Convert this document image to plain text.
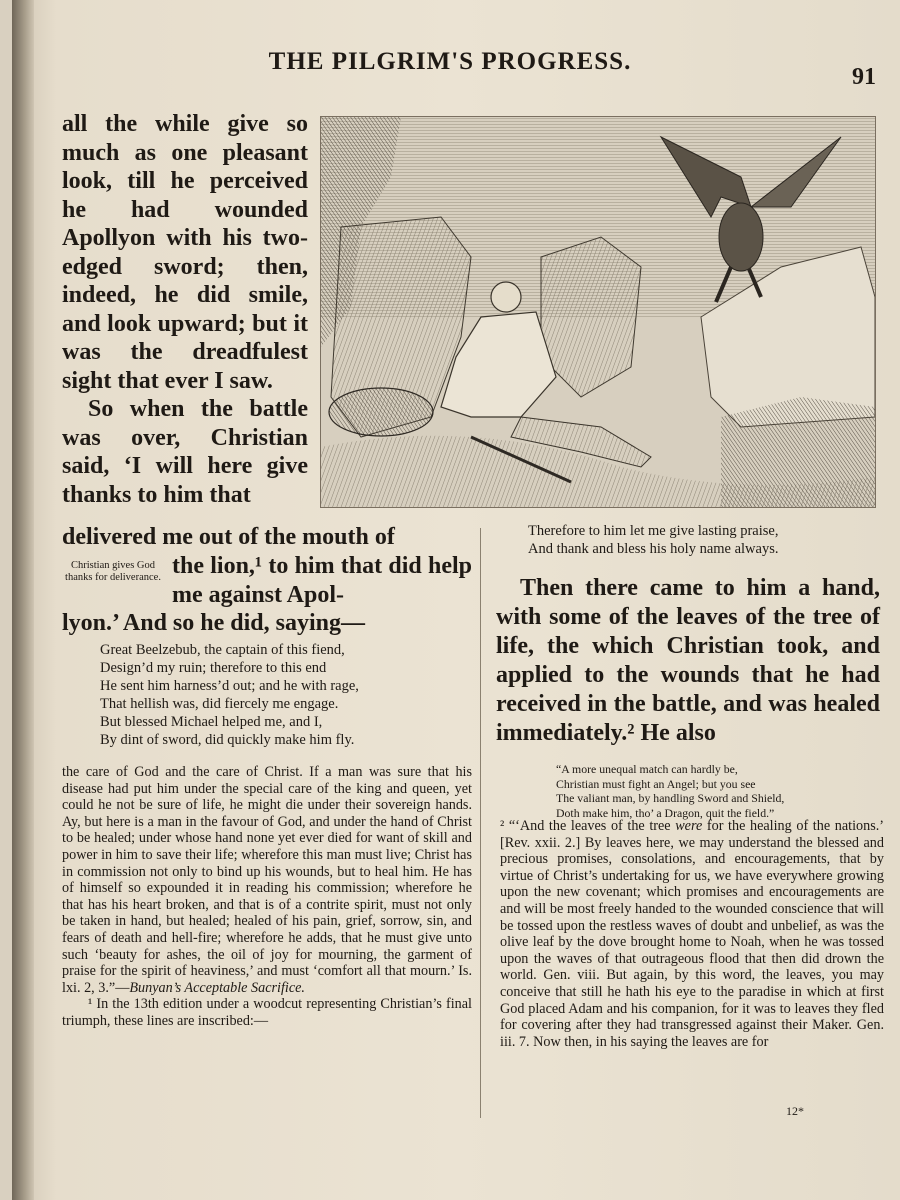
THE PILGRIM'S PROGRESS.
91

all the while give so much as one pleasant look, till he perceived he had wounded Apollyon with his two-edged sword; then, indeed, he did smile, and look upward; but it was the dreadfulest sight that ever I saw.

So when the battle was over, Christian said, ‘I will here give thanks to him that

delivered me out of the mouth of
Christian gives God thanks for deliverance. the lion,¹ to him that did help me against Apol-

lyon.’ And so he did, saying—
Great Beelzebub, the captain of this fiend,
Design’d my ruin; therefore to this end
He sent him harness’d out; and he with rage,
That hellish was, did fiercely me engage.
But blessed Michael helped me, and I,
By dint of sword, did quickly make him fly.

the care of God and the care of Christ. If a man was sure that his disease had put him under the special care of the king and queen, yet could he not be sure of life, he might die under their sovereign hands. Ay, but here is a man in the favour of God, and under the hand of Christ to be healed; under whose hand none yet ever died for want of skill and power in him to save their life; wherefore this man must live; Christ has in commission not only to bind up his wounds, but to heal him. He has of himself so expounded it in reading his commission; wherefore he that has his heart broken, and that is of a contrite spirit, must not only be taken in hand, but healed; healed of his pain, grief, sorrow, sin, and fears of death and hell-fire; wherefore he adds, that he must give unto such ‘beauty for ashes, the oil of joy for mourning, the garment of praise for the spirit of heaviness,’ and must ‘comfort all that mourn.’ Is. lxi. 2, 3.”—Bunyan’s Acceptable Sacrifice.

¹ In the 13th edition under a woodcut representing Christian’s final triumph, these lines are inscribed:—

Therefore to him let me give lasting praise,
And thank and bless his holy name always.

Then there came to him a hand, with some of the leaves of the tree of life, the which Christian took, and applied to the wounds that he had received in the battle, and was healed immediately.² He also

“A more unequal match can hardly be,
Christian must fight an Angel; but you see
The valiant man, by handling Sword and Shield,
Doth make him, tho’ a Dragon, quit the field.”

² “‘And the leaves of the tree were for the healing of the nations.’ [Rev. xxii. 2.] By leaves here, we may understand the blessed and precious promises, consolations, and encouragements, that by virtue of Christ’s undertaking for us, we have everywhere growing upon the new covenant; which promises and encouragements are and will be most freely handed to the wounded conscience that will be tossed upon the restless waves of doubt and unbelief, as was the olive leaf by the dove brought home to Noah, when he was tossed upon the waves of that outrageous flood that then did drown the world. Gen. viii. But again, by this word, the leaves, you may conceive that still he hath his eye to the paradise in which at first God placed Adam and his companion, for it was to leaves they fled for covering after they had transgressed against their Maker. Gen. iii. 7. Now then, in his saying the leaves are for

12*
